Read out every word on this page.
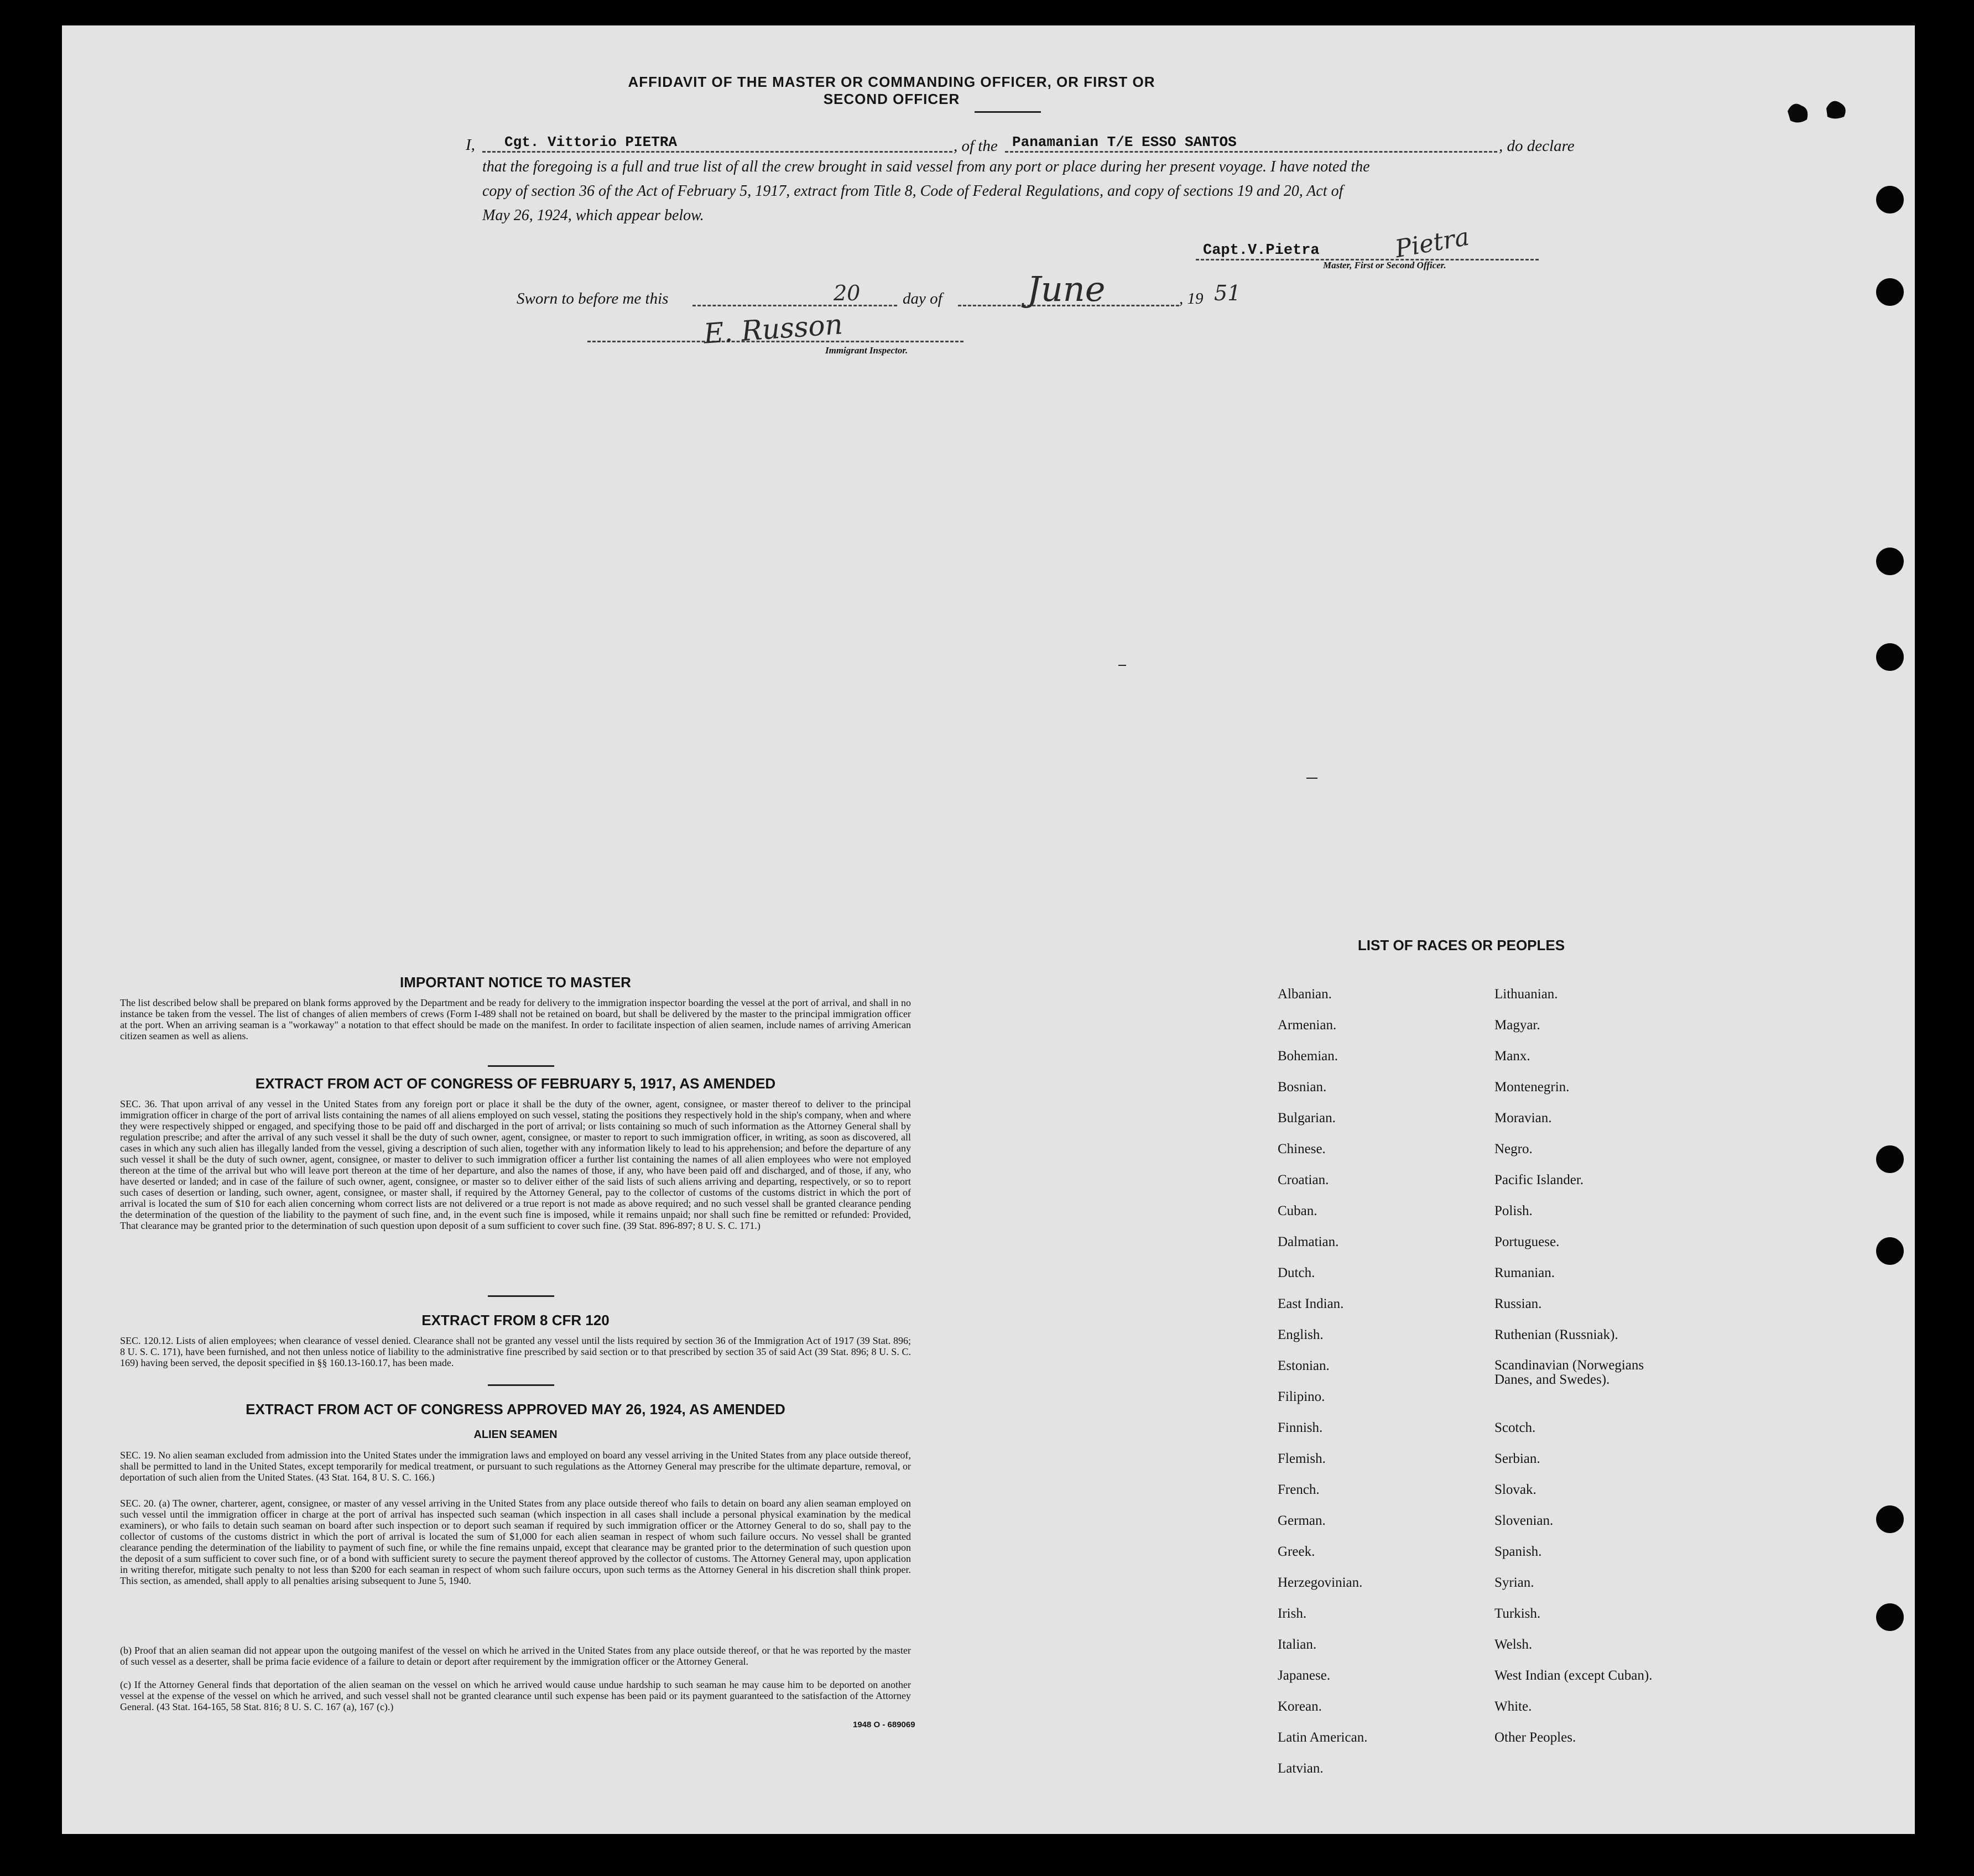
AFFIDAVIT OF THE MASTER OR COMMANDING OFFICER, OR FIRST OR SECOND OFFICER
I, Cgt. Vittorio PIETRA	, of the Panamanian T/E ESSO SANTOS	, do declare
that the foregoing is a full and true list of all the crew brought in said vessel from any port or place during her present voyage. I have noted the
copy of section 36 of the Act of February 5, 1917, extract from Title 8, Code of Federal Regulations, and copy of sections 19 and 20, Act of
May 26, 1924, which appear below.
Capt.V.Pietra	Pietra
Master, First or Second Officer.
Sworn to before me this	20	day of June	, 19 51
E. Russon
Immigrant Inspector.
IMPORTANT NOTICE TO MASTER
The list described below shall be prepared on blank forms approved by the Department and be ready for delivery to the immigration inspector boarding the vessel at the port of arrival, and shall in no instance be taken from the vessel. The list of changes of alien members of crews (Form I-489 shall not be retained on board, but shall be delivered by the master to the principal immigration officer at the port. When an arriving seaman is a "workaway" a notation to that effect should be made on the manifest. In order to facilitate inspection of alien seamen, include names of arriving American citizen seamen as well as aliens.
EXTRACT FROM ACT OF CONGRESS OF FEBRUARY 5, 1917, AS AMENDED
SEC. 36. That upon arrival of any vessel in the United States from any foreign port or place it shall be the duty of the owner, agent, consignee, or master thereof to deliver to the principal immigration officer in charge of the port of arrival lists containing the names of all aliens employed on such vessel, stating the positions they respectively hold in the ship's company, when and where they were respectively shipped or engaged, and specifying those to be paid off and discharged in the port of arrival; or lists containing so much of such information as the Attorney General shall by regulation prescribe; and after the arrival of any such vessel it shall be the duty of such owner, agent, consignee, or master to report to such immigration officer, in writing, as soon as discovered, all cases in which any such alien has illegally landed from the vessel, giving a description of such alien, together with any information likely to lead to his apprehension; and before the departure of any such vessel it shall be the duty of such owner, agent, consignee, or master to deliver to such immigration officer a further list containing the names of all alien employees who were not employed thereon at the time of the arrival but who will leave port thereon at the time of her departure, and also the names of those, if any, who have been paid off and discharged, and of those, if any, who have deserted or landed; and in case of the failure of such owner, agent, consignee, or master so to deliver either of the said lists of such aliens arriving and departing, respectively, or so to report such cases of desertion or landing, such owner, agent, consignee, or master shall, if required by the Attorney General, pay to the collector of customs of the customs district in which the port of arrival is located the sum of $10 for each alien concerning whom correct lists are not delivered or a true report is not made as above required; and no such vessel shall be granted clearance pending the determination of the question of the liability to the payment of such fine, and, in the event such fine is imposed, while it remains unpaid; nor shall such fine be remitted or refunded: Provided, That clearance may be granted prior to the determination of such question upon deposit of a sum sufficient to cover such fine. (39 Stat. 896-897; 8 U. S. C. 171.)
EXTRACT FROM 8 CFR 120
SEC. 120.12. Lists of alien employees; when clearance of vessel denied. Clearance shall not be granted any vessel until the lists required by section 36 of the Immigration Act of 1917 (39 Stat. 896; 8 U. S. C. 171), have been furnished, and not then unless notice of liability to the administrative fine prescribed by said section or to that prescribed by section 35 of said Act (39 Stat. 896; 8 U. S. C. 169) having been served, the deposit specified in §§ 160.13-160.17, has been made.
EXTRACT FROM ACT OF CONGRESS APPROVED MAY 26, 1924, AS AMENDED
ALIEN SEAMEN
SEC. 19. No alien seaman excluded from admission into the United States under the immigration laws and employed on board any vessel arriving in the United States from any place outside thereof, shall be permitted to land in the United States, except temporarily for medical treatment, or pursuant to such regulations as the Attorney General may prescribe for the ultimate departure, removal, or deportation of such alien from the United States. (43 Stat. 164, 8 U. S. C. 166.)
SEC. 20. (a) The owner, charterer, agent, consignee, or master of any vessel arriving in the United States from any place outside thereof who fails to detain on board any alien seaman employed on such vessel until the immigration officer in charge at the port of arrival has inspected such seaman (which inspection in all cases shall include a personal physical examination by the medical examiners), or who fails to detain such seaman on board after such inspection or to deport such seaman if required by such immigration officer or the Attorney General to do so, shall pay to the collector of customs of the customs district in which the port of arrival is located the sum of $1,000 for each alien seaman in respect of whom such failure occurs. No vessel shall be granted clearance pending the determination of the liability to payment of such fine, or while the fine remains unpaid, except that clearance may be granted prior to the determination of such question upon the deposit of a sum sufficient to cover such fine, or of a bond with sufficient surety to secure the payment thereof approved by the collector of customs. The Attorney General may, upon application in writing therefor, mitigate such penalty to not less than $200 for each seaman in respect of whom such failure occurs, upon such terms as the Attorney General in his discretion shall think proper. This section, as amended, shall apply to all penalties arising subsequent to June 5, 1940.
(b) Proof that an alien seaman did not appear upon the outgoing manifest of the vessel on which he arrived in the United States from any place outside thereof, or that he was reported by the master of such vessel as a deserter, shall be prima facie evidence of a failure to detain or deport after requirement by the immigration officer or the Attorney General.
(c) If the Attorney General finds that deportation of the alien seaman on the vessel on which he arrived would cause undue hardship to such seaman he may cause him to be deported on another vessel at the expense of the vessel on which he arrived, and such vessel shall not be granted clearance until such expense has been paid or its payment guaranteed to the satisfaction of the Attorney General. (43 Stat. 164-165, 58 Stat. 816; 8 U. S. C. 167 (a), 167 (c).)
1948 O - 689069
LIST OF RACES OR PEOPLES
Albanian.
Armenian.
Bohemian.
Bosnian.
Bulgarian.
Chinese.
Croatian.
Cuban.
Dalmatian.
Dutch.
East Indian.
English.
Estonian.
Filipino.
Finnish.
Flemish.
French.
German.
Greek.
Herzegovinian.
Irish.
Italian.
Japanese.
Korean.
Latin American.
Latvian.
Lithuanian.
Magyar.
Manx.
Montenegrin.
Moravian.
Negro.
Pacific Islander.
Polish.
Portuguese.
Rumanian.
Russian.
Ruthenian (Russniak).
Scandinavian (Norwegians
Danes, and Swedes).
Scotch.
Serbian.
Slovak.
Slovenian.
Spanish.
Syrian.
Turkish.
Welsh.
West Indian (except Cuban).
White.
Other Peoples.
